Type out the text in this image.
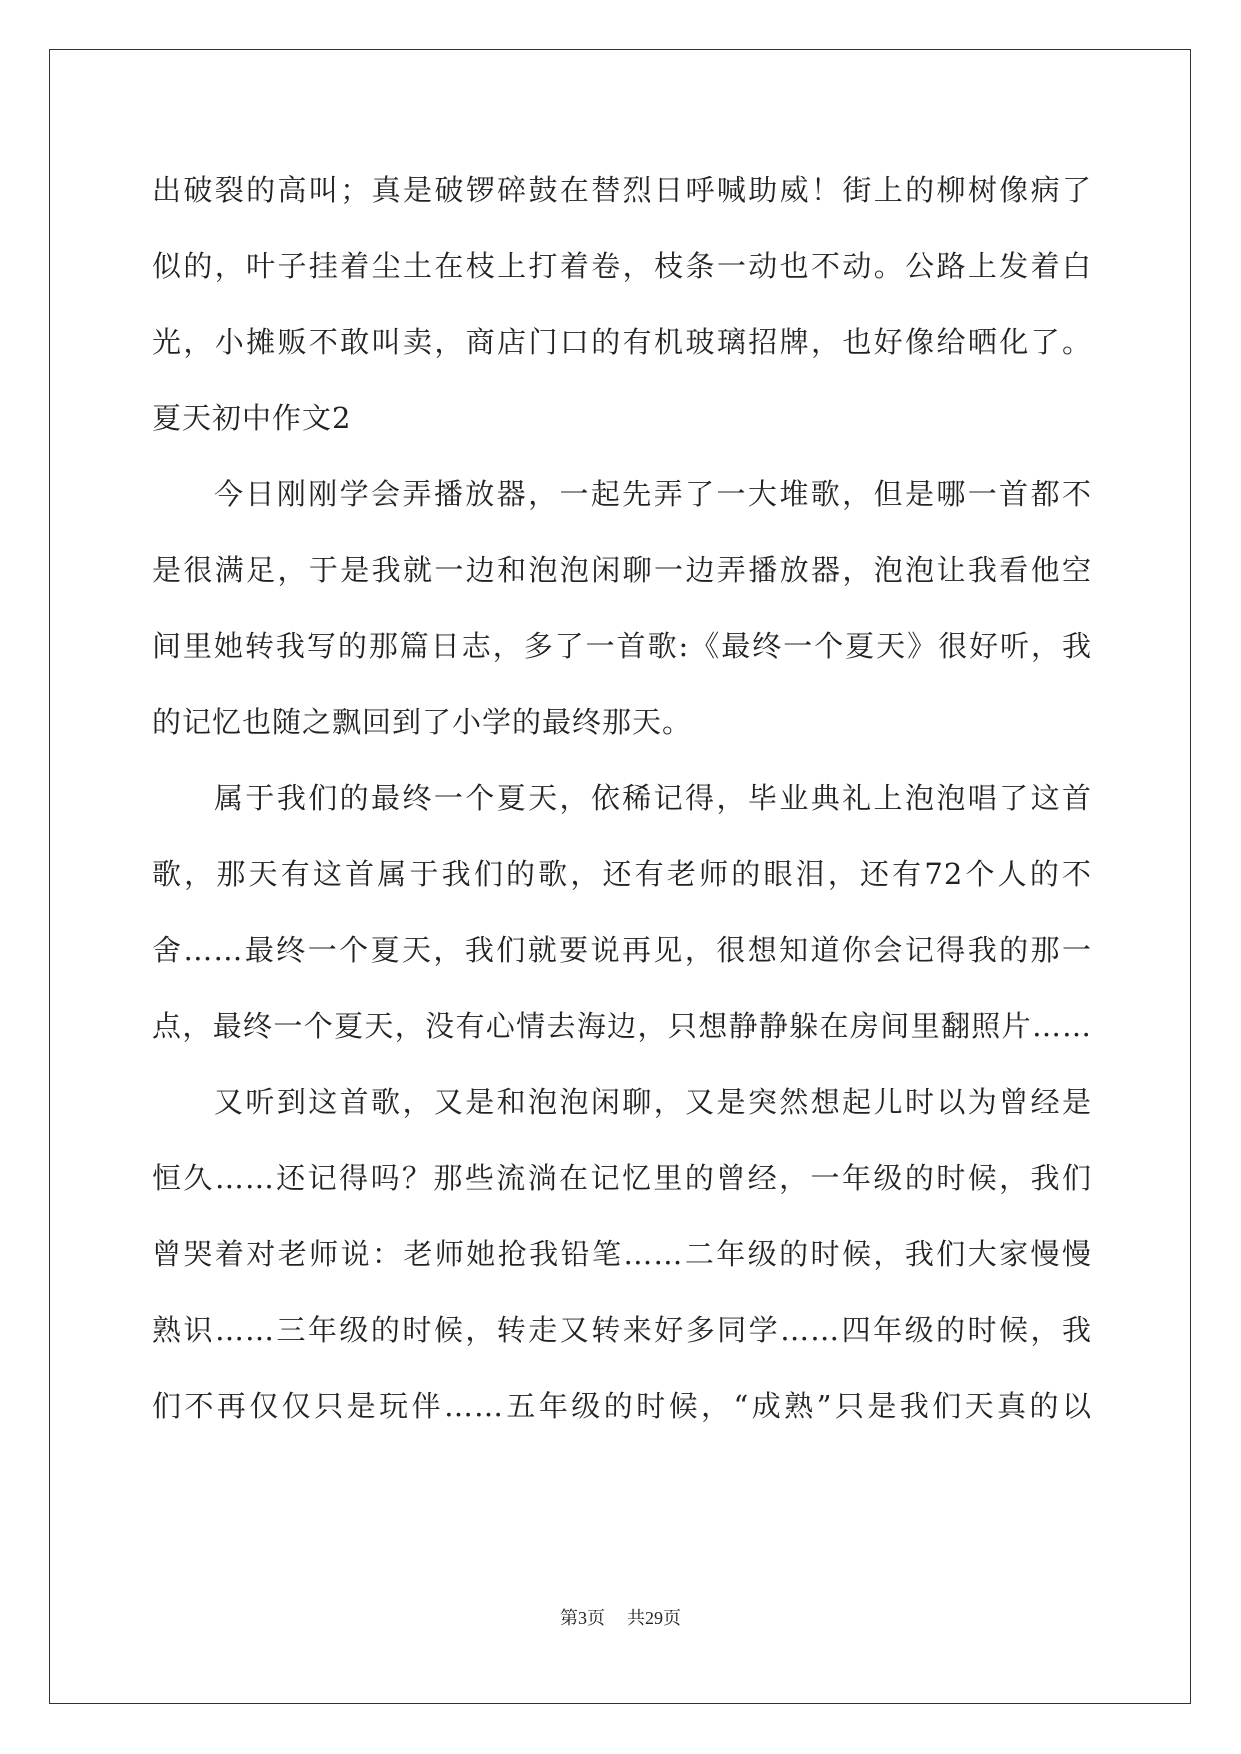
出破裂的高叫；真是破锣碎鼓在替烈日呼喊助威！街上的柳树像病了
似的，叶子挂着尘土在枝上打着卷，枝条一动也不动。公路上发着白
光，小摊贩不敢叫卖，商店门口的有机玻璃招牌，也好像给晒化了。
夏天初中作文2
今日刚刚学会弄播放器，一起先弄了一大堆歌，但是哪一首都不
是很满足，于是我就一边和泡泡闲聊一边弄播放器，泡泡让我看他空
间里她转我写的那篇日志，多了一首歌:《最终一个夏天》很好听，我
的记忆也随之飘回到了小学的最终那天。
属于我们的最终一个夏天，依稀记得，毕业典礼上泡泡唱了这首
歌，那天有这首属于我们的歌，还有老师的眼泪，还有72个人的不
舍……最终一个夏天，我们就要说再见，很想知道你会记得我的那一
点，最终一个夏天，没有心情去海边，只想静静躲在房间里翻照片……
又听到这首歌，又是和泡泡闲聊，又是突然想起儿时以为曾经是
恒久……还记得吗？那些流淌在记忆里的曾经，一年级的时候，我们
曾哭着对老师说：老师她抢我铅笔……二年级的时候，我们大家慢慢
熟识……三年级的时候，转走又转来好多同学……四年级的时候，我
们不再仅仅只是玩伴……五年级的时候，“成熟”只是我们天真的以
第3页 共29页
